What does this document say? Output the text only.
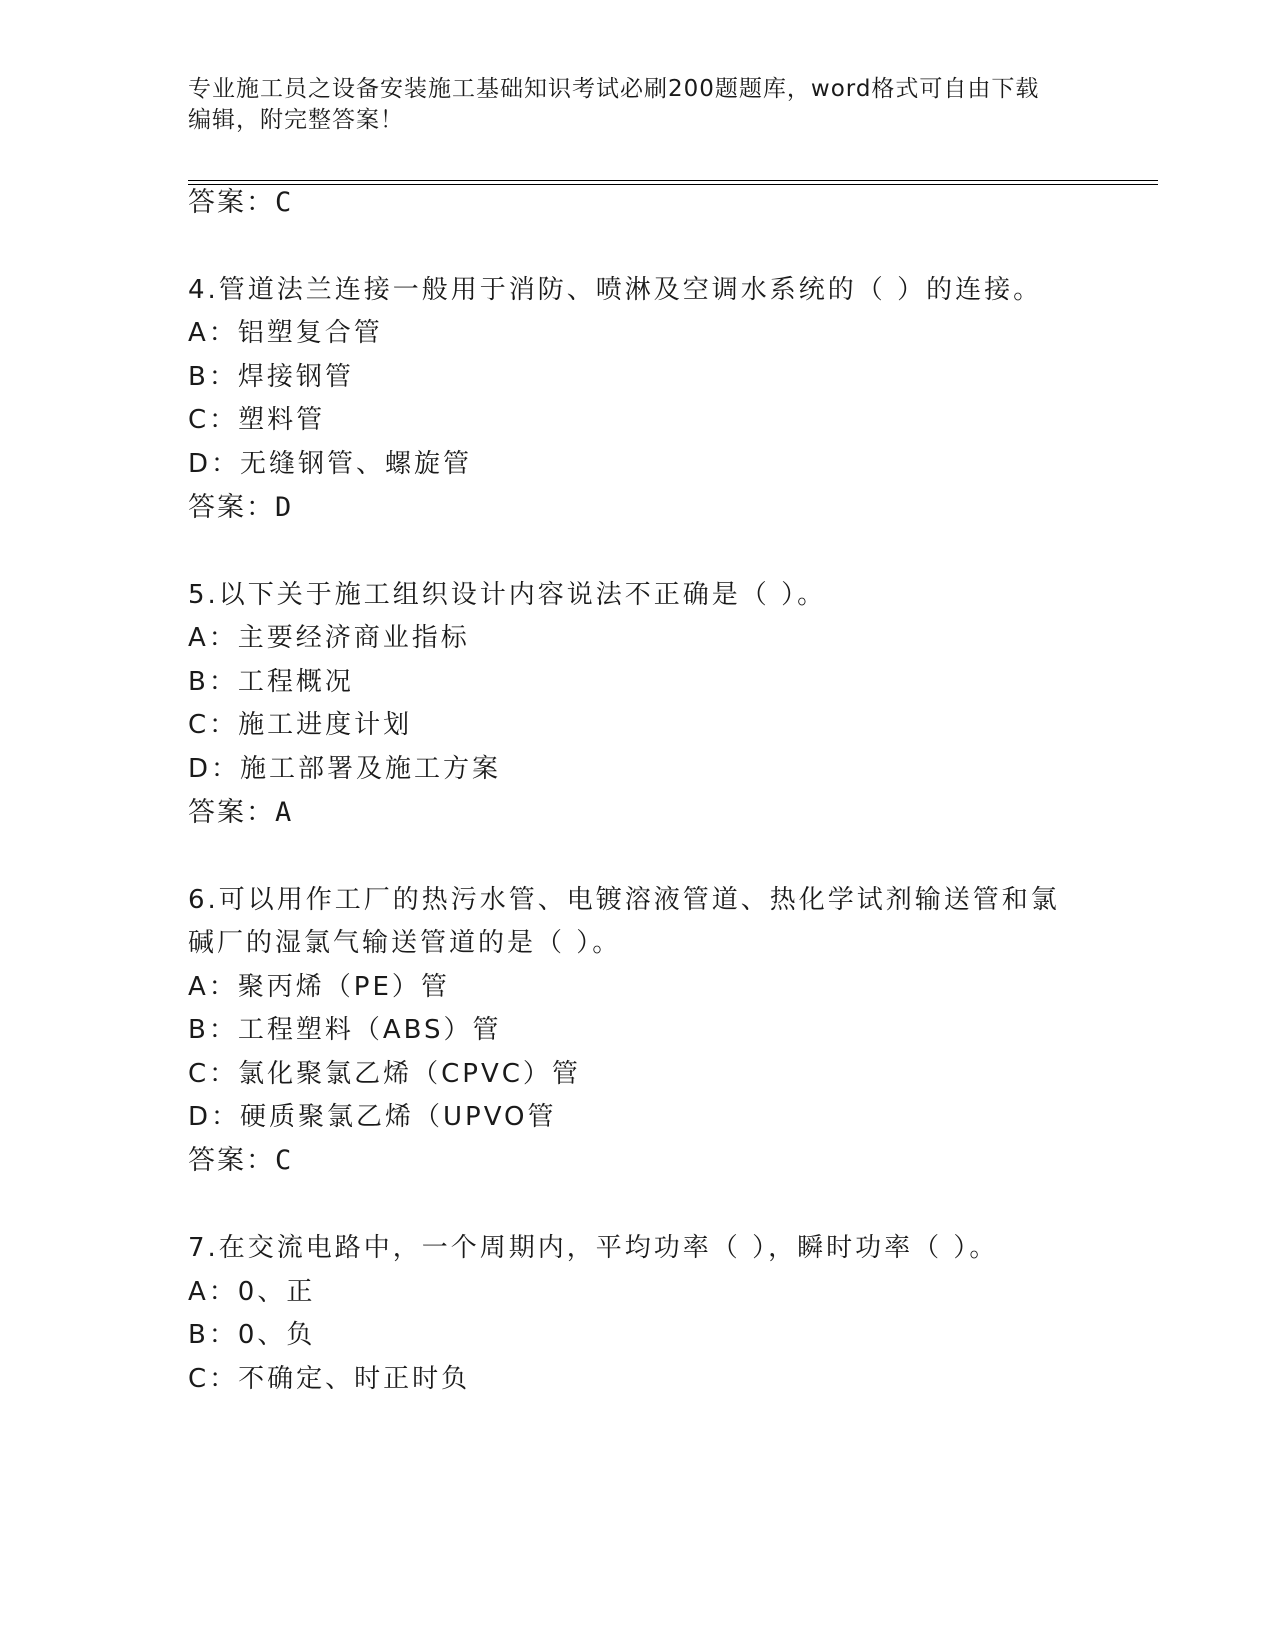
专业施工员之设备安装施工基础知识考试必刷200题题库，word格式可自由下载
编辑，附完整答案！
答案：C
4.管道法兰连接一般用于消防、喷淋及空调水系统的（ ）的连接。
A：铝塑复合管
B：焊接钢管
C：塑料管
D：无缝钢管、螺旋管
答案：D
5.以下关于施工组织设计内容说法不正确是（ ）。
A：主要经济商业指标
B：工程概况
C：施工进度计划
D：施工部署及施工方案
答案：A
6.可以用作工厂的热污水管、电镀溶液管道、热化学试剂输送管和氯
碱厂的湿氯气输送管道的是（ ）。
A：聚丙烯（PE）管
B：工程塑料（ABS）管
C：氯化聚氯乙烯（CPVC）管
D：硬质聚氯乙烯（UPVO管
答案：C
7.在交流电路中，一个周期内，平均功率（ ），瞬时功率（ ）。
A：0、正
B：0、负
C：不确定、时正时负
